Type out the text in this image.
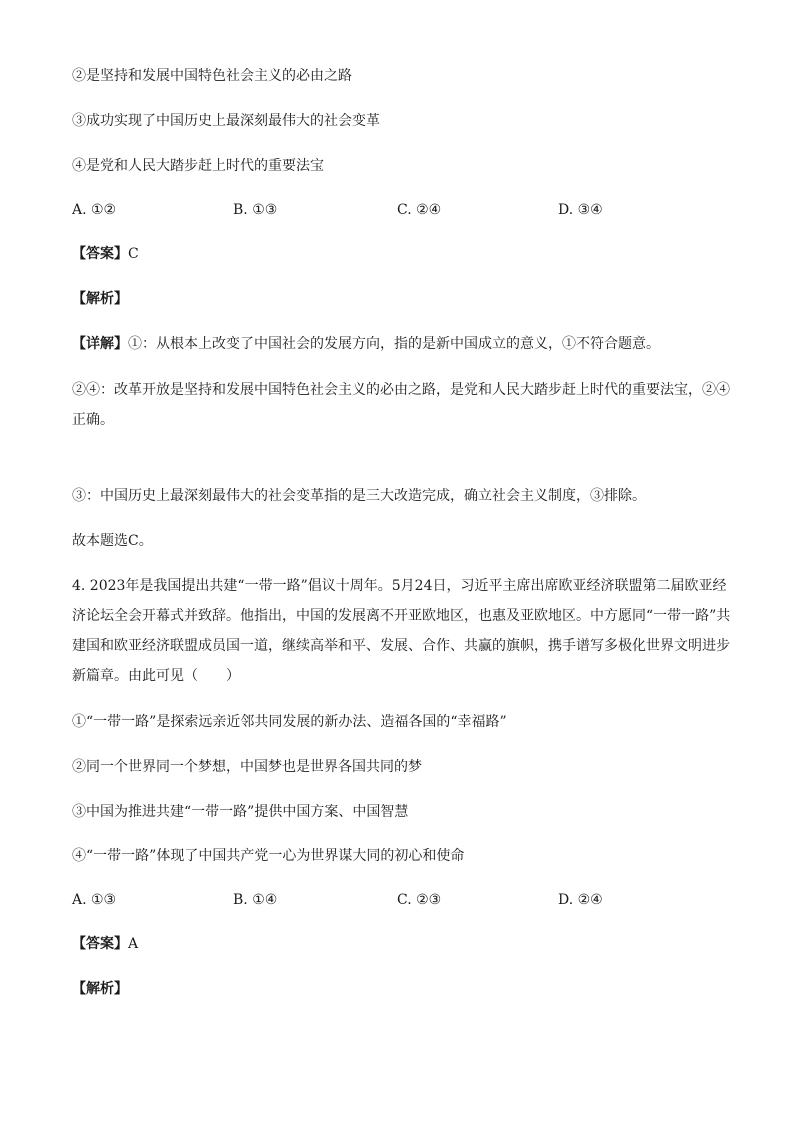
②是坚持和发展中国特色社会主义的必由之路
③成功实现了中国历史上最深刻最伟大的社会变革
④是党和人民大踏步赶上时代的重要法宝
A. ①②	B. ①③	C. ②④	D. ③④
【答案】C
【解析】
【详解】①：从根本上改变了中国社会的发展方向，指的是新中国成立的意义，①不符合题意。
②④：改革开放是坚持和发展中国特色社会主义的必由之路，是党和人民大踏步赶上时代的重要法宝，②④
正确。
③：中国历史上最深刻最伟大的社会变革指的是三大改造完成，确立社会主义制度，③排除。
故本题选C。
4. 2023年是我国提出共建“一带一路”倡议十周年。5月24日，习近平主席出席欧亚经济联盟第二届欧亚经济论坛全会开幕式并致辞。他指出，中国的发展离不开亚欧地区，也惠及亚欧地区。中方愿同“一带一路”共建国和欧亚经济联盟成员国一道，继续高举和平、发展、合作、共赢的旗帜，携手谱写多极化世界文明进步新篇章。由此可见（　　）
①“一带一路”是探索远亲近邻共同发展的新办法、造福各国的“幸福路”
②同一个世界同一个梦想，中国梦也是世界各国共同的梦
③中国为推进共建“一带一路”提供中国方案、中国智慧
④“一带一路”体现了中国共产党一心为世界谋大同的初心和使命
A. ①③	B. ①④	C. ②③	D. ②④
【答案】A
【解析】
